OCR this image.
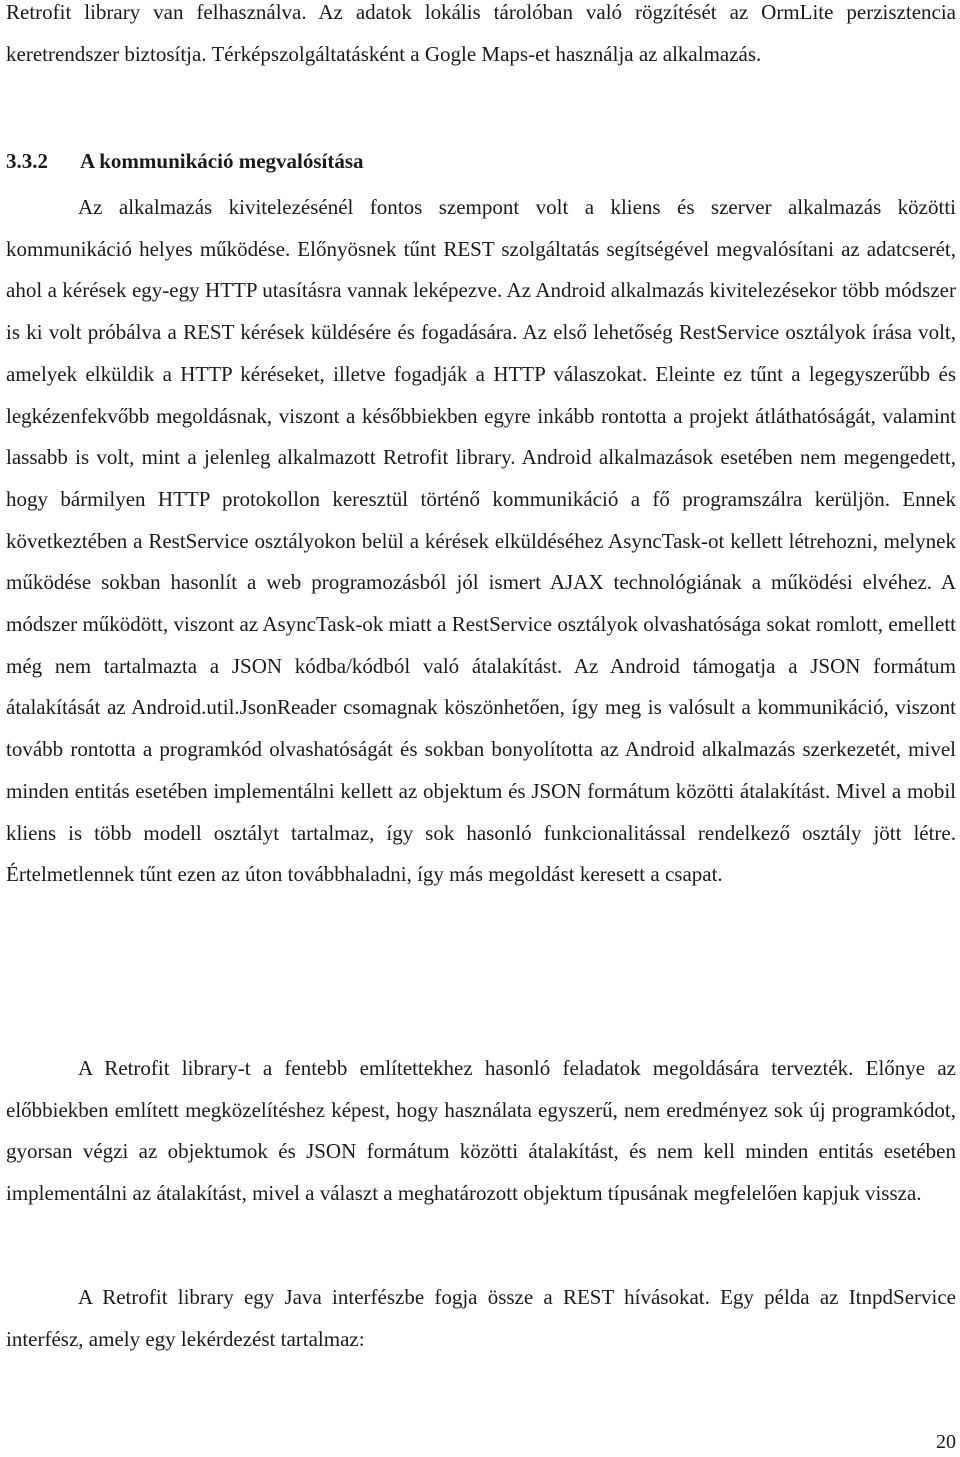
Retrofit library van felhasználva. Az adatok lokális tárolóban való rögzítését az OrmLite perzisztencia keretrendszer biztosítja. Térképszolgáltatásként a Gogle Maps-et használja az alkalmazás.

3.3.2 A kommunikáció megvalósítása

Az alkalmazás kivitelezésénél fontos szempont volt a kliens és szerver alkalmazás közötti kommunikáció helyes működése. Előnyösnek tűnt REST szolgáltatás segítségével megvalósítani az adatcserét, ahol a kérések egy-egy HTTP utasításra vannak leképezve. Az Android alkalmazás kivitelezésekor több módszer is ki volt próbálva a REST kérések küldésére és fogadására. Az első lehetőség RestService osztályok írása volt, amelyek elküldik a HTTP kéréseket, illetve fogadják a HTTP válaszokat. Eleinte ez tűnt a legegyszerűbb és legkézenfekvőbb megoldásnak, viszont a későbbiekben egyre inkább rontotta a projekt átláthatóságát, valamint lassabb is volt, mint a jelenleg alkalmazott Retrofit library. Android alkalmazások esetében nem megengedett, hogy bármilyen HTTP protokollon keresztül történő kommunikáció a fő programszálra kerüljön. Ennek következtében a RestService osztályokon belül a kérések elküldéséhez AsyncTask-ot kellett létrehozni, melynek működése sokban hasonlít a web programozásból jól ismert AJAX technológiának a működési elvéhez. A módszer működött, viszont az AsyncTask-ok miatt a RestService osztályok olvashatósága sokat romlott, emellett még nem tartalmazta a JSON kódba/kódból való átalakítást. Az Android támogatja a JSON formátum átalakítását az Android.util.JsonReader csomagnak köszönhetően, így meg is valósult a kommunikáció, viszont tovább rontotta a programkód olvashatóságát és sokban bonyolította az Android alkalmazás szerkezetét, mivel minden entitás esetében implementálni kellett az objektum és JSON formátum közötti átalakítást. Mivel a mobil kliens is több modell osztályt tartalmaz, így sok hasonló funkcionalitással rendelkező osztály jött létre. Értelmetlennek tűnt ezen az úton továbbhaladni, így más megoldást keresett a csapat.

A Retrofit library-t a fentebb említettekhez hasonló feladatok megoldására tervezték. Előnye az előbbiekben említett megközelítéshez képest, hogy használata egyszerű, nem eredményez sok új programkódot, gyorsan végzi az objektumok és JSON formátum közötti átalakítást, és nem kell minden entitás esetében implementálni az átalakítást, mivel a választ a meghatározott objektum típusának megfelelően kapjuk vissza.

A Retrofit library egy Java interfészbe fogja össze a REST hívásokat. Egy példa az ItnpdService interfész, amely egy lekérdezést tartalmaz:

20
